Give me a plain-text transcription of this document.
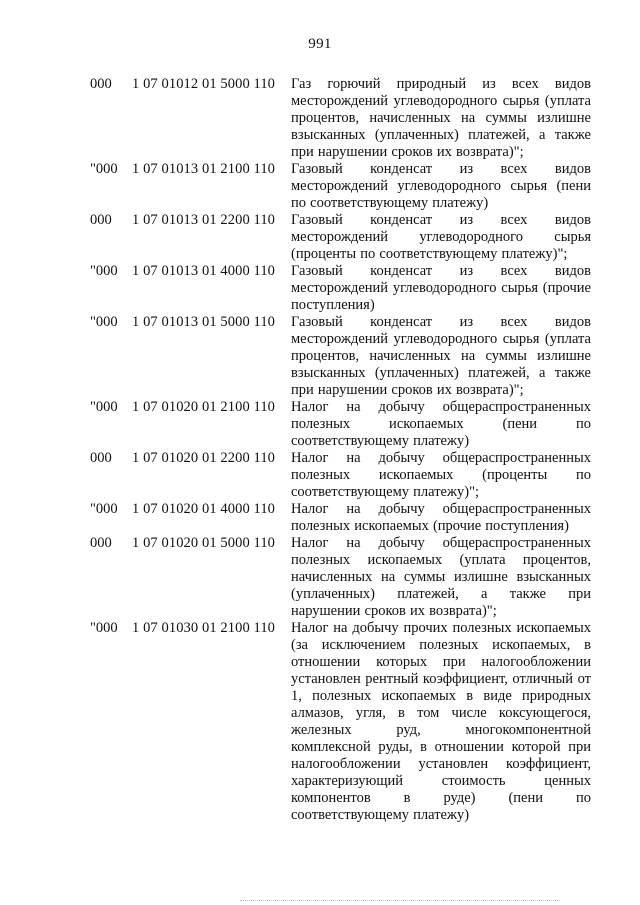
991
000 1 07 01012 01 5000 110 Газ горючий природный из всех видов месторождений углеводородного сырья (уплата процентов, начисленных на суммы излишне взысканных (уплаченных) платежей, а также при нарушении сроков их возврата)";
"000 1 07 01013 01 2100 110 Газовый конденсат из всех видов месторождений углеводородного сырья (пени по соответствующему платежу)
000 1 07 01013 01 2200 110 Газовый конденсат из всех видов месторождений углеводородного сырья (проценты по соответствующему платежу)";
"000 1 07 01013 01 4000 110 Газовый конденсат из всех видов месторождений углеводородного сырья (прочие поступления)
"000 1 07 01013 01 5000 110 Газовый конденсат из всех видов месторождений углеводородного сырья (уплата процентов, начисленных на суммы излишне взысканных (уплаченных) платежей, а также при нарушении сроков их возврата)";
"000 1 07 01020 01 2100 110 Налог на добычу общераспространенных полезных ископаемых (пени по соответствующему платежу)
000 1 07 01020 01 2200 110 Налог на добычу общераспространенных полезных ископаемых (проценты по соответствующему платежу)";
"000 1 07 01020 01 4000 110 Налог на добычу общераспространенных полезных ископаемых (прочие поступления)
000 1 07 01020 01 5000 110 Налог на добычу общераспространенных полезных ископаемых (уплата процентов, начисленных на суммы излишне взысканных (уплаченных) платежей, а также при нарушении сроков их возврата)";
"000 1 07 01030 01 2100 110 Налог на добычу прочих полезных ископаемых (за исключением полезных ископаемых, в отношении которых при налогообложении установлен рентный коэффициент, отличный от 1, полезных ископаемых в виде природных алмазов, угля, в том числе коксующегося, железных руд, многокомпонентной комплексной руды, в отношении которой при налогообложении установлен коэффициент, характеризующий стоимость ценных компонентов в руде) (пени по соответствующему платежу)
